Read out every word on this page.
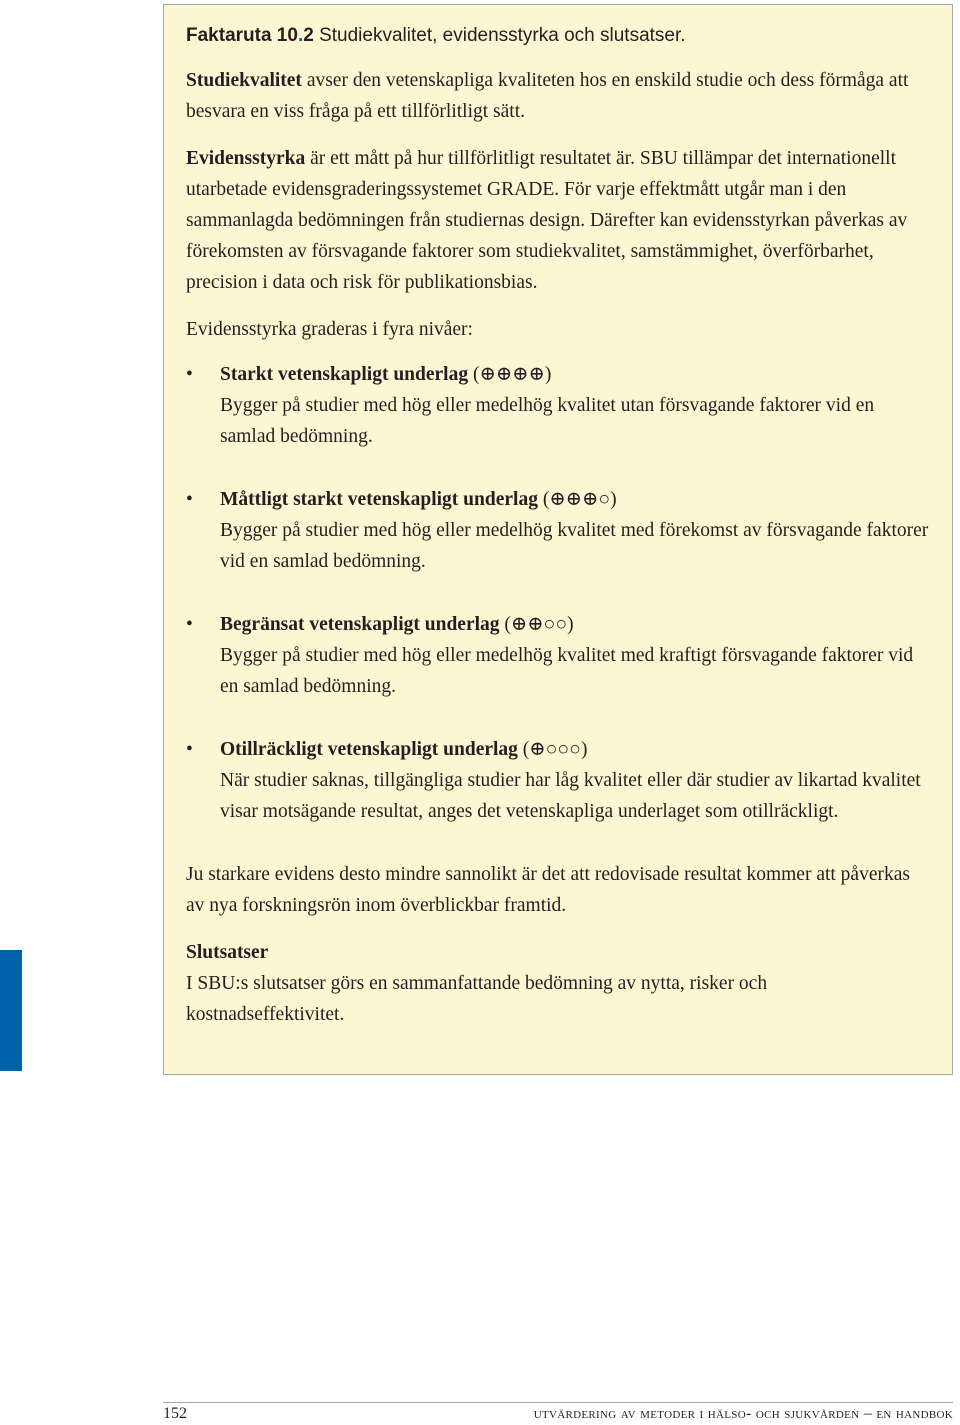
Faktaruta 10.2 Studiekvalitet, evidensstyrka och slutsatser.

Studiekvalitet avser den vetenskapliga kvaliteten hos en enskild studie och dess förmåga att besvara en viss fråga på ett tillförlitligt sätt.

Evidensstyrka är ett mått på hur tillförlitligt resultatet är. SBU tillämpar det internationellt utarbetade evidensgraderingssystemet GRADE. För varje effektmått utgår man i den sammanlagda bedömningen från studiernas design. Därefter kan evidensstyrkan påverkas av förekomsten av försvagande faktorer som studiekvalitet, samstämmighet, överförbarhet, precision i data och risk för publikationsbias.

Evidensstyrka graderas i fyra nivåer:

• Starkt vetenskapligt underlag (⊕⊕⊕⊕)

Bygger på studier med hög eller medelhög kvalitet utan försvagande faktorer vid en samlad bedömning.

• Måttligt starkt vetenskapligt underlag (⊕⊕⊕○)

Bygger på studier med hög eller medelhög kvalitet med förekomst av försvagande faktorer vid en samlad bedömning.

• Begränsat vetenskapligt underlag (⊕⊕○○)

Bygger på studier med hög eller medelhög kvalitet med kraftigt försvagande faktorer vid en samlad bedömning.

• Otillräckligt vetenskapligt underlag (⊕○○○)

När studier saknas, tillgängliga studier har låg kvalitet eller där studier av likartad kvalitet visar motsägande resultat, anges det vetenskapliga underlaget som otillräckligt.

Ju starkare evidens desto mindre sannolikt är det att redovisade resultat kommer att påverkas av nya forskningsrön inom överblickbar framtid.

Slutsatser
I SBU:s slutsatser görs en sammanfattande bedömning av nytta, risker och kostnadseffektivitet.

152	utvärdering av metoder i hälso- och sjukvården – en handbok
